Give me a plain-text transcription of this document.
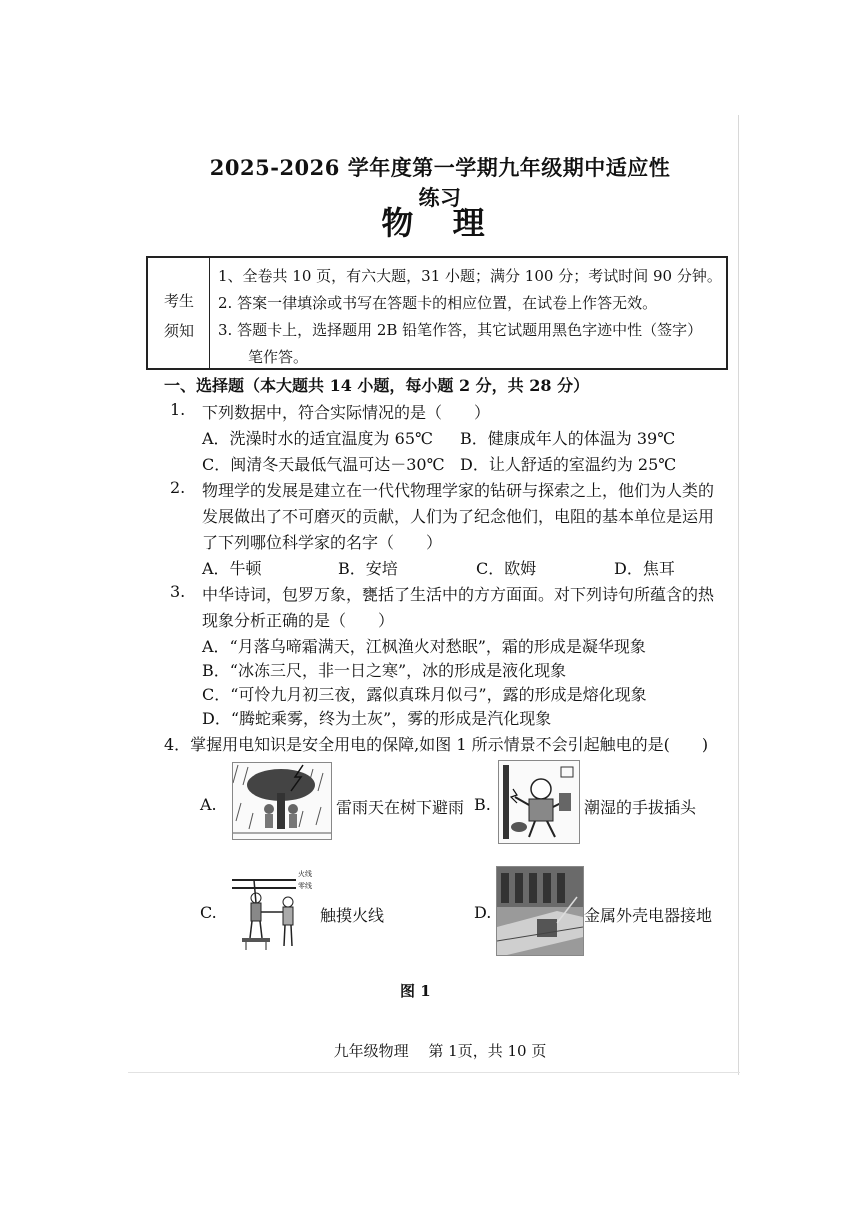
2025-2026 学年度第一学期九年级期中适应性练习
物 理
考生
须知
1、全卷共 10 页，有六大题，31 小题；满分 100 分；考试时间 90 分钟。
2. 答案一律填涂或书写在答题卡的相应位置，在试卷上作答无效。
3. 答题卡上，选择题用 2B 铅笔作答，其它试题用黑色字迹中性（签字）
笔作答。
一、选择题（本大题共 14 小题，每小题 2 分，共 28 分）
1. 下列数据中，符合实际情况的是（　　）
A．洗澡时水的适宜温度为 65℃ B．健康成年人的体温为 39℃
C．闽清冬天最低气温可达－30℃ D．让人舒适的室温约为 25℃
2. 物理学的发展是建立在一代代物理学家的钻研与探索之上，他们为人类的
发展做出了不可磨灭的贡献，人们为了纪念他们，电阻的基本单位是运用
了下列哪位科学家的名字（　　）
A．牛顿	B．安培	C．欧姆	D．焦耳
3. 中华诗词，包罗万象，甕括了生活中的方方面面。对下列诗句所蕴含的热
现象分析正确的是（　　）
A．“月落乌啼霜满天，江枫渔火对愁眠”，霜的形成是凝华现象
B．“冰冻三尺，非一日之寒”，冰的形成是液化现象
C．“可怜九月初三夜，露似真珠月似弓”，露的形成是熔化现象
D．“腾蛇乘雾，终为土灰”，雾的形成是汽化现象
4．掌握用电知识是安全用电的保障,如图 1 所示情景不会引起触电的是(　　)
A.	雷雨天在树下避雨 B.	潮湿的手拔插头
C.
火线
零线
触摸火线	D.	金属外壳电器接地
图 1
九年级物理　 第 1页，共 10 页
